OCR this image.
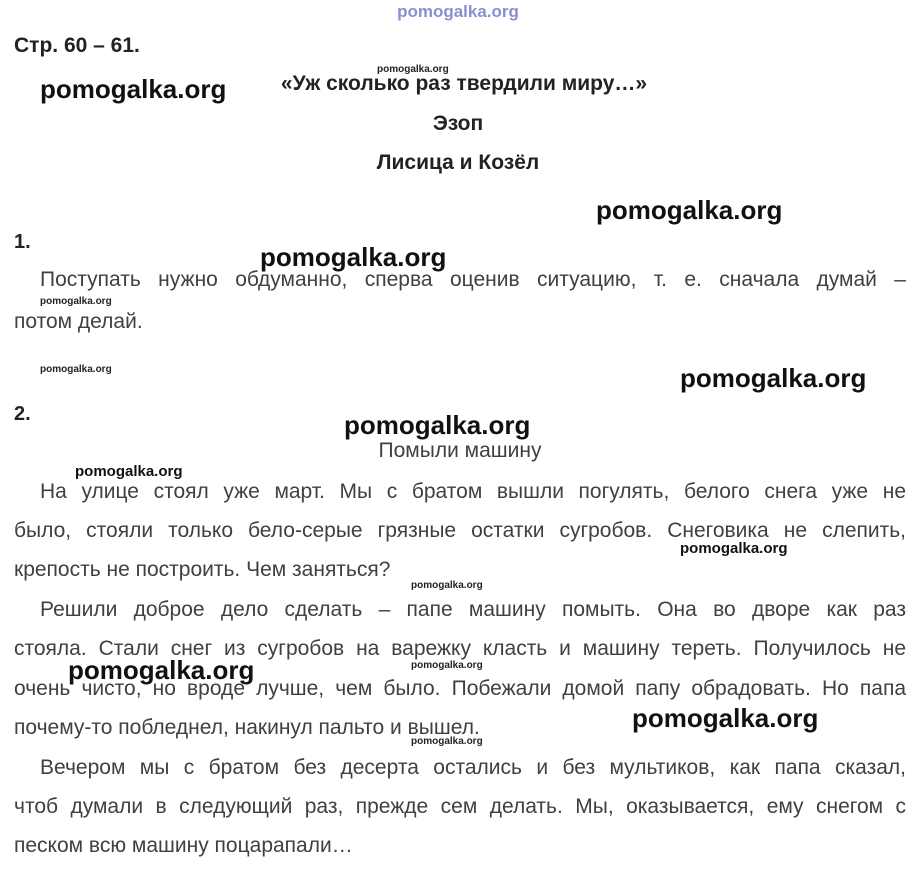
pomogalka.org
Стр. 60 – 61.
«Уж сколько раз твердили миру…»
Эзоп
Лисица и Козёл
1.
Поступать нужно обдуманно, сперва оценив ситуацию, т. е. сначала думай –
потом делай.
2.
Помыли машину
На улице стоял уже март. Мы с братом вышли погулять, белого снега уже не
было, стояли только бело-серые грязные остатки сугробов. Снеговика не слепить,
крепость не построить. Чем заняться?
Решили доброе дело сделать – папе машину помыть. Она во дворе как раз
стояла. Стали снег из сугробов на варежку класть и машину тереть. Получилось не
очень чисто, но вроде лучше, чем было. Побежали домой папу обрадовать. Но папа
почему-то побледнел, накинул пальто и вышел.
Вечером мы с братом без десерта остались и без мультиков, как папа сказал,
чтоб думали в следующий раз, прежде сем делать. Мы, оказывается, ему снегом с
песком всю машину поцарапали…
pomogalka.org
pomogalka.org
pomogalka.org
pomogalka.org
pomogalka.org
pomogalka.org	pomogalka.org
pomogalka.org
pomogalka.org
pomogalka.org
pomogalka.org
pomogalka.org	pomogalka.org
pomogalka.org
pomogalka.org
